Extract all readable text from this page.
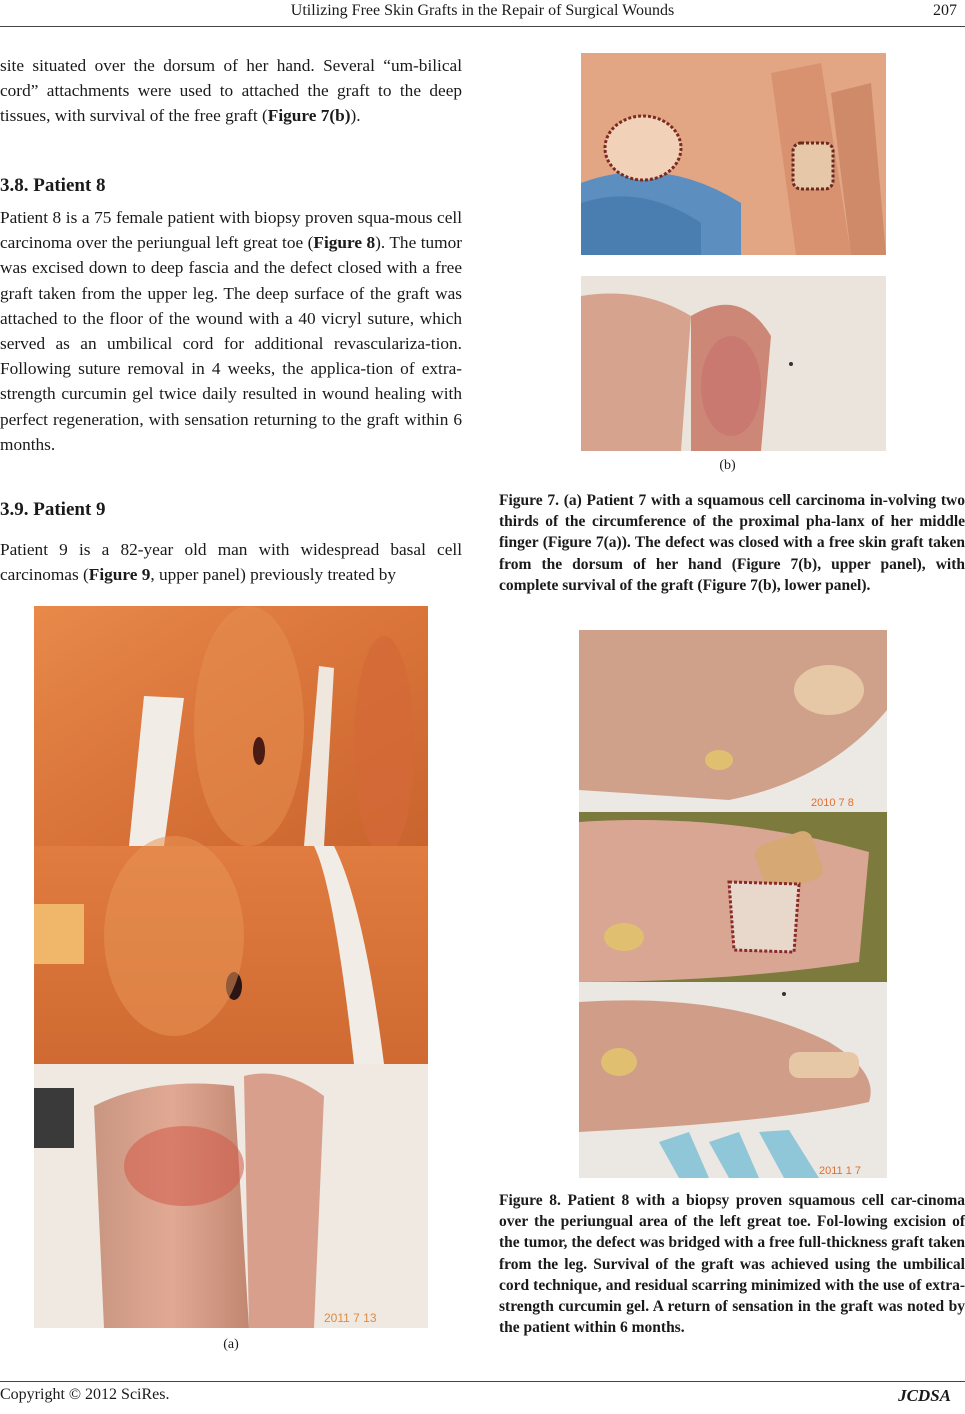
Utilizing Free Skin Grafts in the Repair of Surgical Wounds	207

site situated over the dorsum of her hand. Several “um-bilical cord” attachments were used to attached the graft to the deep tissues, with survival of the free graft (Figure 7(b)).

3.8. Patient 8

Patient 8 is a 75 female patient with biopsy proven squa-mous cell carcinoma over the periungual left great toe (Figure 8). The tumor was excised down to deep fascia and the defect closed with a free graft taken from the upper leg. The deep surface of the graft was attached to the floor of the wound with a 40 vicryl suture, which served as an umbilical cord for additional revasculariza-tion. Following suture removal in 4 weeks, the applica-tion of extra-strength curcumin gel twice daily resulted in wound healing with perfect regeneration, with sensation returning to the graft within 6 months.

3.9. Patient 9

Patient 9 is a 82-year old man with widespread basal cell carcinomas (Figure 9, upper panel) previously treated by

2011 7 13
(a)
(b)
Figure 7. (a) Patient 7 with a squamous cell carcinoma in-volving two thirds of the circumference of the proximal pha-lanx of her middle finger (Figure 7(a)). The defect was closed with a free skin graft taken from the dorsum of her hand (Figure 7(b), upper panel), with complete survival of the graft (Figure 7(b), lower panel).
2010 7 8
2011 1 7
Figure 8. Patient 8 with a biopsy proven squamous cell car-cinoma over the periungual area of the left great toe. Fol-lowing excision of the tumor, the defect was bridged with a free full-thickness graft taken from the leg. Survival of the graft was achieved using the umbilical cord technique, and residual scarring minimized with the use of extra-strength curcumin gel. A return of sensation in the graft was noted by the patient within 6 months.
Copyright © 2012 SciRes.	JCDSA
